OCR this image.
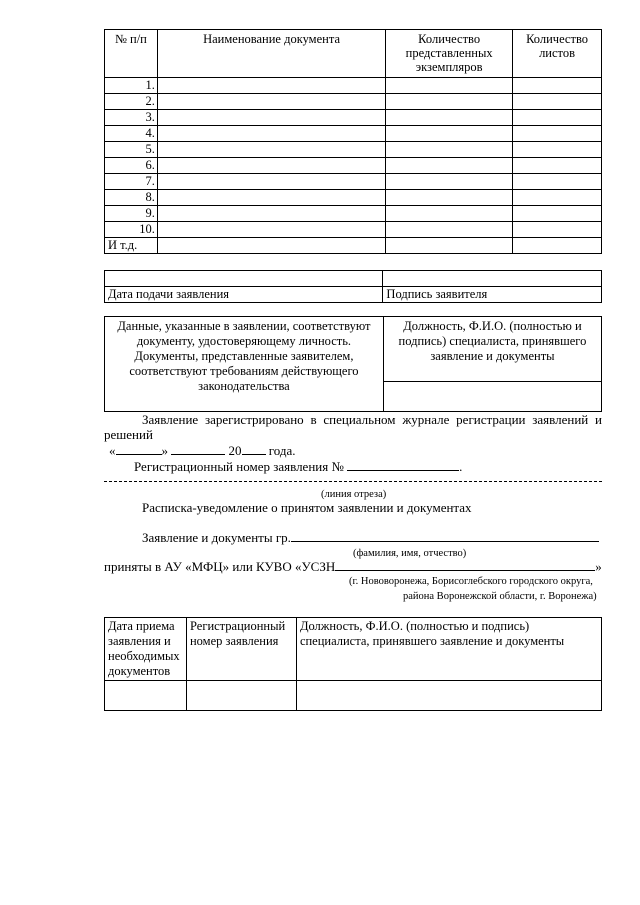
№ п/п	Наименование документа	Количество представленных экземпляров	Количество листов
1.			
2.			
3.			
4.			
5.			
6.			
7.			
8.			
9.			
10.			
И т.д.			

Дата подачи заявления	Подпись заявителя
Данные, указанные в заявлении, соответствуют документу, удостоверяющему личность. Документы, представленные заявителем, соответствуют требованиям действующего законодательства	Должность, Ф.И.О. (полностью и подпись) специалиста, принявшего заявление и документы

Заявление зарегистрировано в специальном журнале регистрации заявлений и
решений
«	»	20 года.
Регистрационный номер заявления №	.
(линия отреза)
Расписка-уведомление о принятом заявлении и документах
Заявление и документы гр.
(фамилия, имя, отчество)
приняты в АУ «МФЦ» или КУВО «УСЗН	»
(г. Нововоронежа, Борисоглебского городского округа,
района Воронежской области, г. Воронежа)
Дата приема заявления и необходимых документов	Регистрационный номер заявления	Должность, Ф.И.О. (полностью и подпись) специалиста, принявшего заявление и документы
